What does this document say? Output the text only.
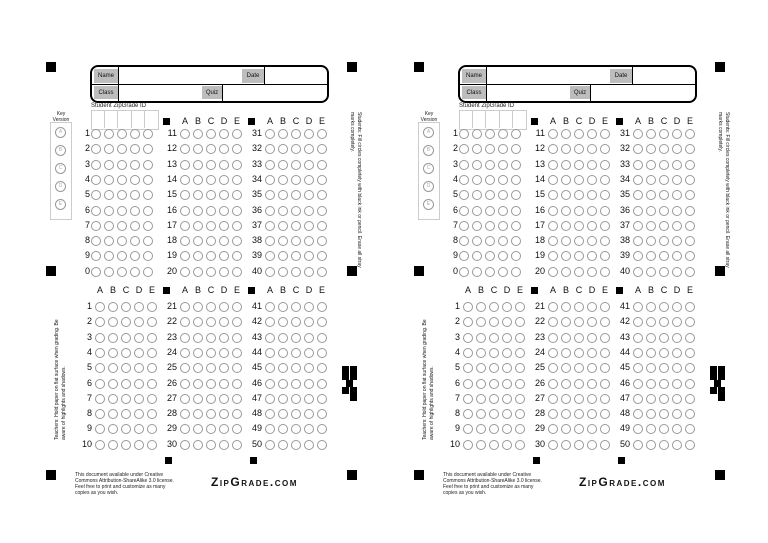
Name	Date
Class	Quiz
Key Version
A
B
C
D
E
Student ZipGrade ID
1
2
3
4
5
6
7
8
9
0
A B C D E
11
12
13
14
15
16
17
18
19
20
A B C D E
31
32
33
34
35
36
37
38
39
40
A B C D E
1
2
3
4
5
6
7
8
9
10
A B C D E
21
22
23
24
25
26
27
28
29
30
A B C D E
41
42
43
44
45
46
47
48
49
50
Students: Fill circles completely with black ink or pencil. Erase all stray marks completely.
Teachers: Hold paper on flat surface when grading. Be aware of highlights and shadows.
This document available under Creative Commons Attribution-ShareAlike 3.0 license. Feel free to print and customize as many copies as you wish.
ZipGrade.com
Name	Date
Class	Quiz
Key Version
A
B
C
D
E
Student ZipGrade ID
1
2
3
4
5
6
7
8
9
0
A B C D E
11
12
13
14
15
16
17
18
19
20
A B C D E
31
32
33
34
35
36
37
38
39
40
A B C D E
1
2
3
4
5
6
7
8
9
10
A B C D E
21
22
23
24
25
26
27
28
29
30
A B C D E
41
42
43
44
45
46
47
48
49
50
Students: Fill circles completely with black ink or pencil. Erase all stray marks completely.
Teachers: Hold paper on flat surface when grading. Be aware of highlights and shadows.
This document available under Creative Commons Attribution-ShareAlike 3.0 license. Feel free to print and customize as many copies as you wish.
ZipGrade.com
